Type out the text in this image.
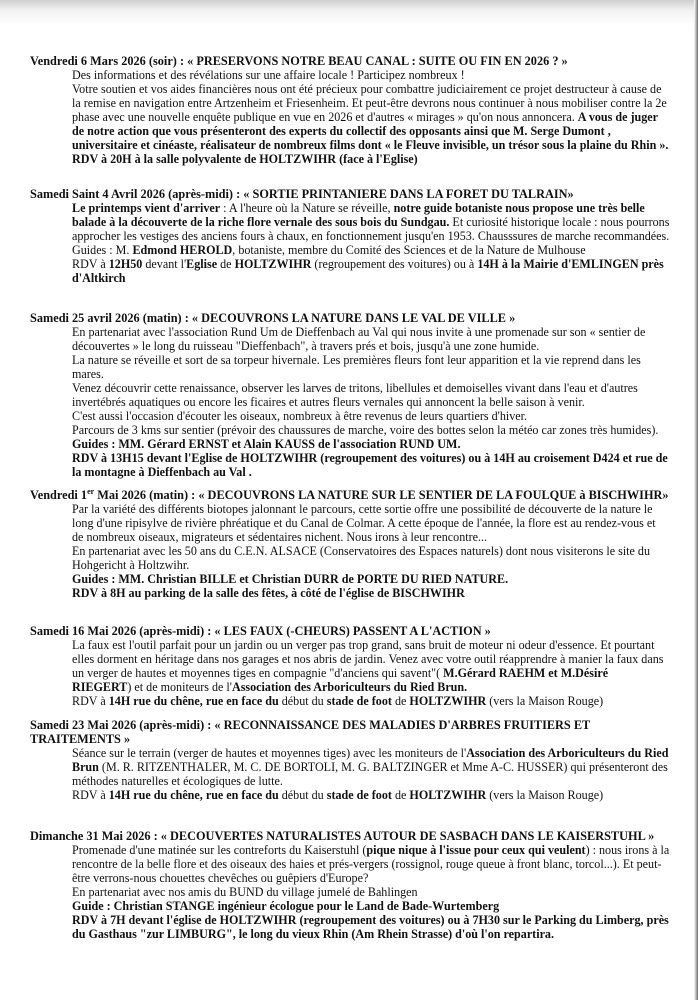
Vendredi 6 Mars 2026 (soir) : « PRESERVONS NOTRE BEAU CANAL : SUITE OU FIN EN 2026 ? »

Des informations et des révélations sur une affaire locale ! Participez nombreux !

Votre soutien et vos aides financières nous ont été précieux pour combattre judiciairement ce projet destructeur à cause de la remise en navigation entre Artzenheim et Friesenheim. Et peut-être devrons nous continuer à nous mobiliser contre la 2e phase avec une nouvelle enquête publique en vue en 2026 et d'autres « mirages » qu'on nous annoncera. A vous de juger de notre action que vous présenteront des experts du collectif des opposants ainsi que M. Serge Dumont , universitaire et cinéaste, réalisateur de nombreux films dont « le Fleuve invisible, un trésor sous la plaine du Rhin ».

RDV à 20H à la salle polyvalente de HOLTZWIHR (face à l'Eglise)

Samedi Saint 4 Avril 2026 (après-midi) : « SORTIE PRINTANIERE DANS LA FORET DU TALRAIN»

Le printemps vient d'arriver : A l'heure où la Nature se réveille, notre guide botaniste nous propose une très belle balade à la découverte de la riche flore vernale des sous bois du Sundgau. Et curiosité historique locale : nous pourrons approcher les vestiges des anciens fours à chaux, en fonctionnement jusqu'en 1953. Chausssures de marche recommandées.

Guides : M. Edmond HEROLD, botaniste, membre du Comité des Sciences et de la Nature de Mulhouse

RDV à 12H50 devant l'Eglise de HOLTZWIHR (regroupement des voitures) ou à 14H à la Mairie d'EMLINGEN près d'Altkirch

Samedi 25 avril 2026 (matin) : « DECOUVRONS LA NATURE DANS LE VAL DE VILLE »

En partenariat avec l'association Rund Um de Dieffenbach au Val qui nous invite à une promenade sur son « sentier de découvertes » le long du ruisseau "Dieffenbach", à travers prés et bois, jusqu'à une zone humide.

La nature se réveille et sort de sa torpeur hivernale. Les premières fleurs font leur apparition et la vie reprend dans les mares.

Venez découvrir cette renaissance, observer les larves de tritons, libellules et demoiselles vivant dans l'eau et d'autres invertébrés aquatiques ou encore les ficaires et autres fleurs vernales qui annoncent la belle saison à venir.

C'est aussi l'occasion d'écouter les oiseaux, nombreux à être revenus de leurs quartiers d'hiver.

Parcours de 3 kms sur sentier (prévoir des chaussures de marche, voire des bottes selon la météo car zones très humides).

Guides : MM. Gérard ERNST et Alain KAUSS de l'association RUND UM.

RDV à 13H15 devant l'Eglise de HOLTZWIHR (regroupement des voitures) ou à 14H au croisement D424 et rue de la montagne à Dieffenbach au Val .

Vendredi 1er Mai 2026 (matin) : « DECOUVRONS LA NATURE SUR LE SENTIER DE LA FOULQUE à BISCHWIHR»

Par la variété des différents biotopes jalonnant le parcours, cette sortie offre une possibilité de découverte de la nature le long d'une ripisylve de rivière phréatique et du Canal de Colmar. A cette époque de l'année, la flore est au rendez-vous et de nombreux oiseaux, migrateurs et sédentaires nichent. Nous irons à leur rencontre...

En partenariat avec les 50 ans du C.E.N. ALSACE (Conservatoires des Espaces naturels) dont nous visiterons le site du Hohgericht à Holtzwihr.

Guides : MM. Christian BILLE et Christian DURR de PORTE DU RIED NATURE.

RDV à 8H au parking de la salle des fêtes, à côté de l'église de BISCHWIHR

Samedi 16 Mai 2026 (après-midi) : « LES FAUX (-CHEURS) PASSENT A L'ACTION »

La faux est l'outil parfait pour un jardin ou un verger pas trop grand, sans bruit de moteur ni odeur d'essence. Et pourtant elles dorment en héritage dans nos garages et nos abris de jardin. Venez avec votre outil réapprendre à manier la faux dans un verger de hautes et moyennes tiges en compagnie "d'anciens qui savent"( M.Gérard RAEHM et M.Désiré RIEGERT) et de moniteurs de l'Association des Arboriculteurs du Ried Brun.

RDV à 14H rue du chêne, rue en face du début du stade de foot de HOLTZWIHR (vers la Maison Rouge)

Samedi 23 Mai 2026 (après-midi) : « RECONNAISSANCE DES MALADIES D'ARBRES FRUITIERS ET TRAITEMENTS »

Séance sur le terrain (verger de hautes et moyennes tiges) avec les moniteurs de l'Association des Arboriculteurs du Ried Brun (M. R. RITZENTHALER, M. C. DE BORTOLI, M. G. BALTZINGER et Mme A-C. HUSSER) qui présenteront des méthodes naturelles et écologiques de lutte.

RDV à 14H rue du chêne, rue en face du début du stade de foot de HOLTZWIHR (vers la Maison Rouge)

Dimanche 31 Mai 2026 : « DECOUVERTES NATURALISTES AUTOUR DE SASBACH DANS LE KAISERSTUHL »

Promenade d'une matinée sur les contreforts du Kaiserstuhl (pique nique à l'issue pour ceux qui veulent) : nous irons à la rencontre de la belle flore et des oiseaux des haies et prés-vergers (rossignol, rouge queue à front blanc, torcol...). Et peut-être verrons-nous chouettes chevêches ou guêpiers d'Europe?

En partenariat avec nos amis du BUND du village jumelé de Bahlingen

Guide : Christian STANGE ingénieur écologue pour le Land de Bade-Wurtemberg

RDV à 7H devant l'église de HOLTZWIHR (regroupement des voitures) ou à 7H30 sur le Parking du Limberg, près du Gasthaus "zur LIMBURG", le long du vieux Rhin (Am Rhein Strasse) d'où l'on repartira.
